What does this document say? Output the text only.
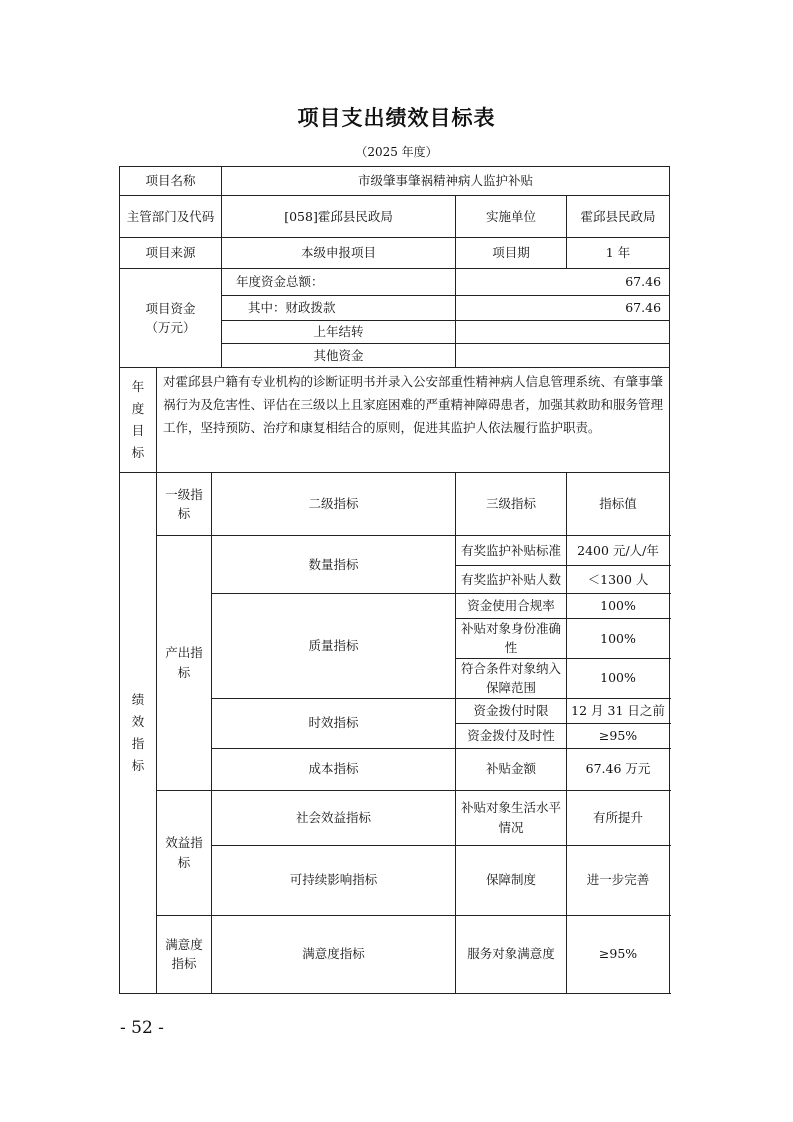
项目支出绩效目标表
（2025 年度）
项目名称			市级肇事肇祸精神病人监护补贴		
主管部门及代码			[058]霍邱县民政局	实施单位	霍邱县民政局
项目来源			本级申报项目	项目期	1 年
项目资金
（万元）			年度资金总额：	67.46	
			其中：财政拨款	67.46	
			上年结转		
			其他资金		
年度目标	对霍邱县户籍有专业机构的诊断证明书并录入公安部重性精神病人信息管理系统、有肇事肇祸行为及危害性、评估在三级以上且家庭困难的严重精神障碍患者，加强其救助和服务管理工作，坚持预防、治疗和康复相结合的原则，促进其监护人依法履行监护职责。				
绩效指标	一级指标	二级指标		三级指标	指标值
	产出指标	数量指标		有奖监护补贴标准	2400 元/人/年
				有奖监护补贴人数	＜1300 人
		质量指标		资金使用合规率	100%
				补贴对象身份准确性	100%
				符合条件对象纳入保障范围	100%
		时效指标		资金拨付时限	12 月 31 日之前
				资金拨付及时性	≥95%
		成本指标		补贴金额	67.46 万元
	效益指标	社会效益指标		补贴对象生活水平情况	有所提升
		可持续影响指标		保障制度	进一步完善
	满意度指标	满意度指标		服务对象满意度	≥95%
- 52 -
